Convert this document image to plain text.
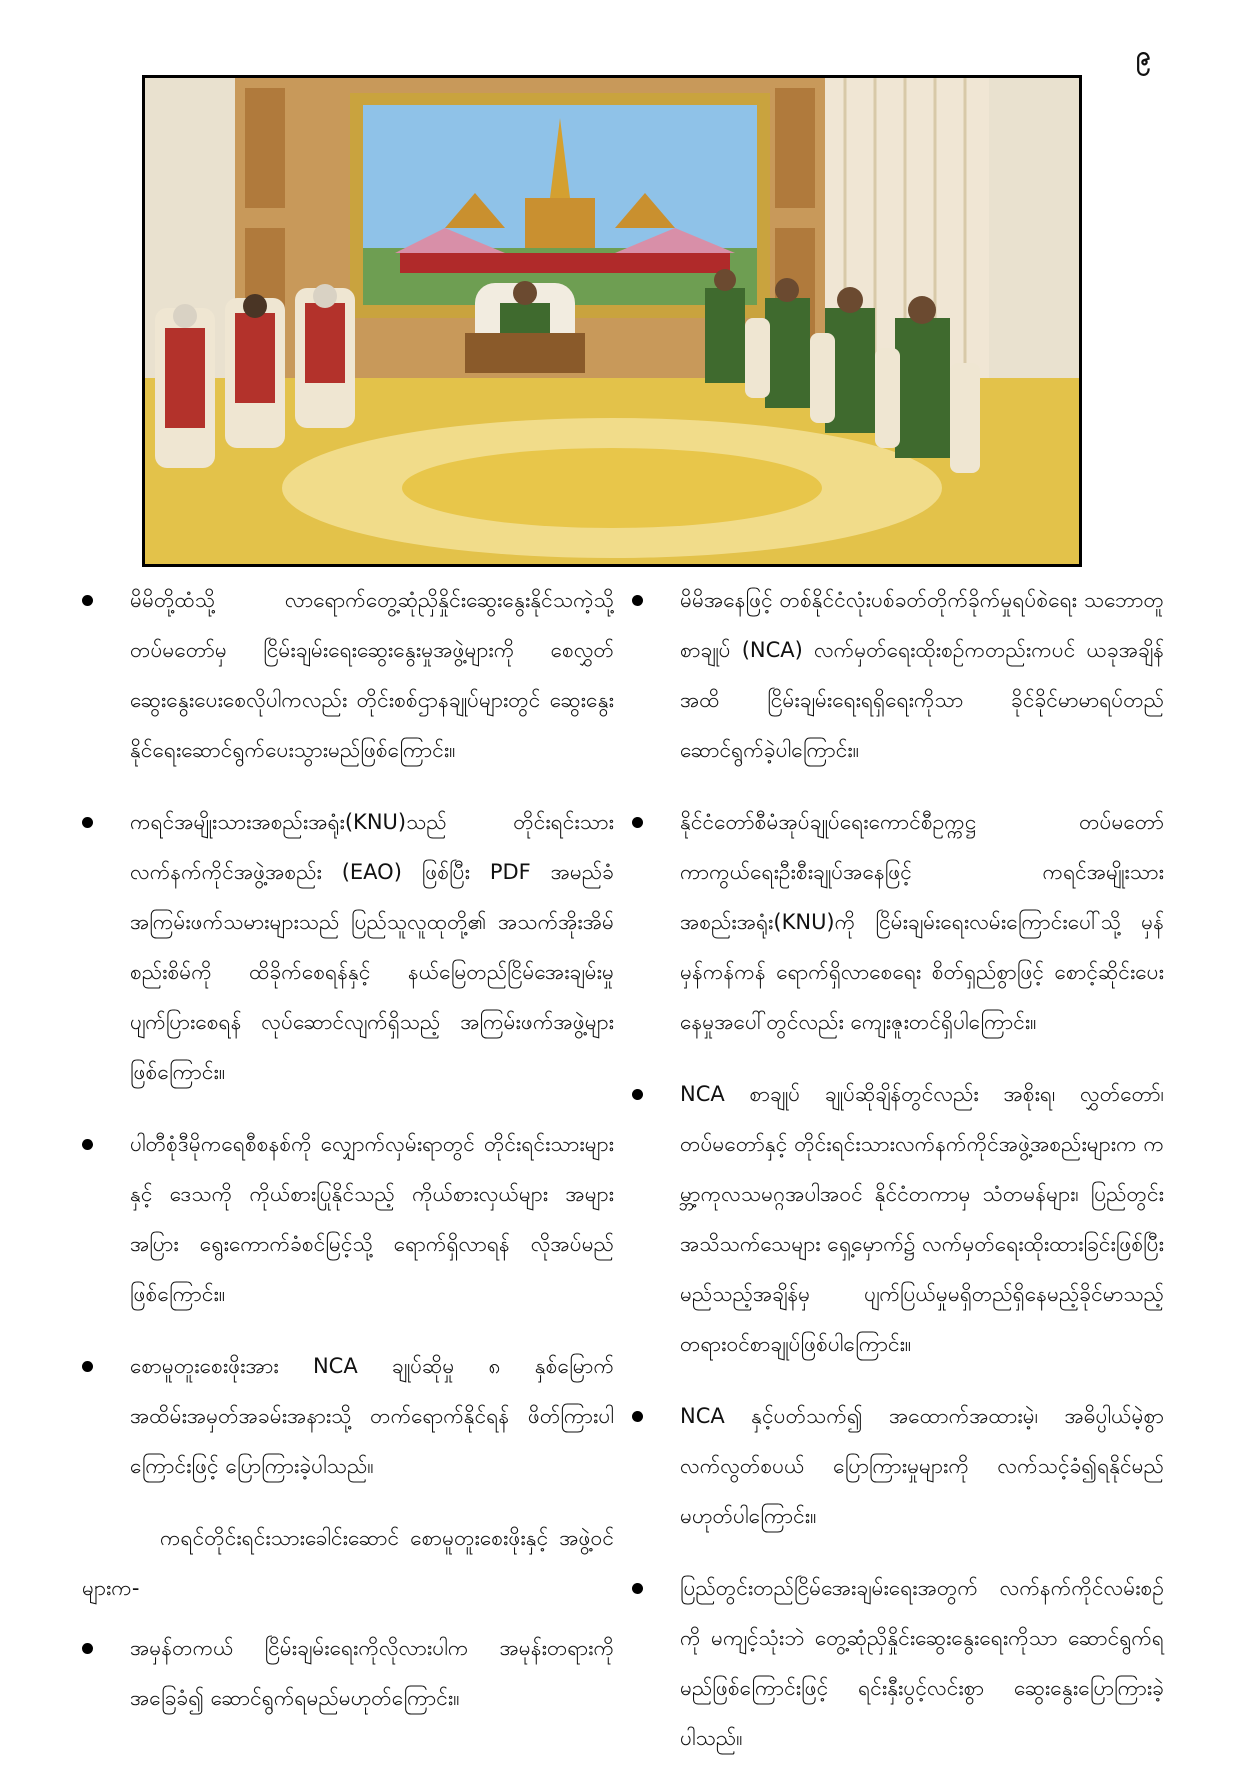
၉
မိမိတို့ထံသို့ လာရောက်တွေ့ဆုံညှိနှိုင်းဆွေးနွေးနိုင်သကဲ့သို့ တပ်မတော်မှ ငြိမ်းချမ်းရေးဆွေးနွေးမှုအဖွဲ့များကို စေလွှတ်ဆွေးနွေးပေးစေလိုပါကလည်း တိုင်းစစ်ဌာနချုပ်များတွင် ဆွေးနွေးနိုင်ရေးဆောင်ရွက်ပေးသွားမည်ဖြစ်ကြောင်း။
ကရင်အမျိုးသားအစည်းအရုံး(KNU)သည် တိုင်းရင်းသားလက်နက်ကိုင်အဖွဲ့အစည်း (EAO) ဖြစ်ပြီး PDF အမည်ခံ အကြမ်းဖက်သမားများသည် ပြည်သူလူထုတို့၏ အသက်အိုးအိမ်စည်းစိမ်ကို ထိခိုက်စေရန်နှင့် နယ်မြေတည်ငြိမ်အေးချမ်းမှုပျက်ပြားစေရန် လုပ်ဆောင်လျက်ရှိသည့် အကြမ်းဖက်အဖွဲ့များဖြစ်ကြောင်း။
ပါတီစုံဒီမိုကရေစီစနစ်ကို လျှောက်လှမ်းရာတွင် တိုင်းရင်းသားများနှင့် ဒေသကို ကိုယ်စားပြုနိုင်သည့် ကိုယ်စားလှယ်များ အများအပြား ရွေးကောက်ခံစင်မြင့်သို့ ရောက်ရှိလာရန် လိုအပ်မည်ဖြစ်ကြောင်း။
စောမူတူးစေးဖိုးအား NCA ချုပ်ဆိုမှု ၈ နှစ်မြောက် အထိမ်းအမှတ်အခမ်းအနားသို့ တက်ရောက်နိုင်ရန် ဖိတ်ကြားပါကြောင်းဖြင့် ပြောကြားခဲ့ပါသည်။

ကရင်တိုင်းရင်းသားခေါင်းဆောင် စောမူတူးစေးဖိုးနှင့် အဖွဲ့ဝင်များက-

အမှန်တကယ် ငြိမ်းချမ်းရေးကိုလိုလားပါက အမုန်းတရားကို အခြေခံ၍ ဆောင်ရွက်ရမည်မဟုတ်ကြောင်း။
မိမိအနေဖြင့် တစ်နိုင်ငံလုံးပစ်ခတ်တိုက်ခိုက်မှုရပ်စဲရေး သဘောတူစာချုပ် (NCA) လက်မှတ်ရေးထိုးစဉ်ကတည်းကပင် ယခုအချိန်အထိ ငြိမ်းချမ်းရေးရရှိရေးကိုသာ ခိုင်ခိုင်မာမာရပ်တည်ဆောင်ရွက်ခဲ့ပါကြောင်း။
နိုင်ငံတော်စီမံအုပ်ချုပ်ရေးကောင်စီဥက္ကဋ္ဌ တပ်မတော်ကာကွယ်ရေးဦးစီးချုပ်အနေဖြင့် ကရင်အမျိုးသားအစည်းအရုံး(KNU)ကို ငြိမ်းချမ်းရေးလမ်းကြောင်းပေါ်သို့ မှန်မှန်ကန်ကန် ရောက်ရှိလာစေရေး စိတ်ရှည်စွာဖြင့် စောင့်ဆိုင်းပေးနေမှုအပေါ်တွင်လည်း ကျေးဇူးတင်ရှိပါကြောင်း။
NCA စာချုပ် ချုပ်ဆိုချိန်တွင်လည်း အစိုးရ၊ လွှတ်တော်၊ တပ်မတော်နှင့် တိုင်းရင်းသားလက်နက်ကိုင်အဖွဲ့အစည်းများက ကမ္ဘာ့ကုလသမဂ္ဂအပါအဝင် နိုင်ငံတကာမှ သံတမန်များ၊ ပြည်တွင်းအသိသက်သေများ ရှေ့မှောက်၌ လက်မှတ်ရေးထိုးထားခြင်းဖြစ်ပြီး မည်သည့်အချိန်မှ ပျက်ပြယ်မှုမရှိတည်ရှိနေမည့်ခိုင်မာသည့် တရားဝင်စာချုပ်ဖြစ်ပါကြောင်း။
NCA နှင့်ပတ်သက်၍ အထောက်အထားမဲ့၊ အဓိပ္ပါယ်မဲ့စွာ လက်လွတ်စပယ် ပြောကြားမှုများကို လက်သင့်ခံ၍ရနိုင်မည်မဟုတ်ပါကြောင်း။
ပြည်တွင်းတည်ငြိမ်အေးချမ်းရေးအတွက် လက်နက်ကိုင်လမ်းစဉ်ကို မကျင့်သုံးဘဲ တွေ့ဆုံညှိနှိုင်းဆွေးနွေးရေးကိုသာ ဆောင်ရွက်ရမည်ဖြစ်ကြောင်းဖြင့် ရင်းနှီးပွင့်လင်းစွာ ဆွေးနွေးပြောကြားခဲ့ပါသည်။
